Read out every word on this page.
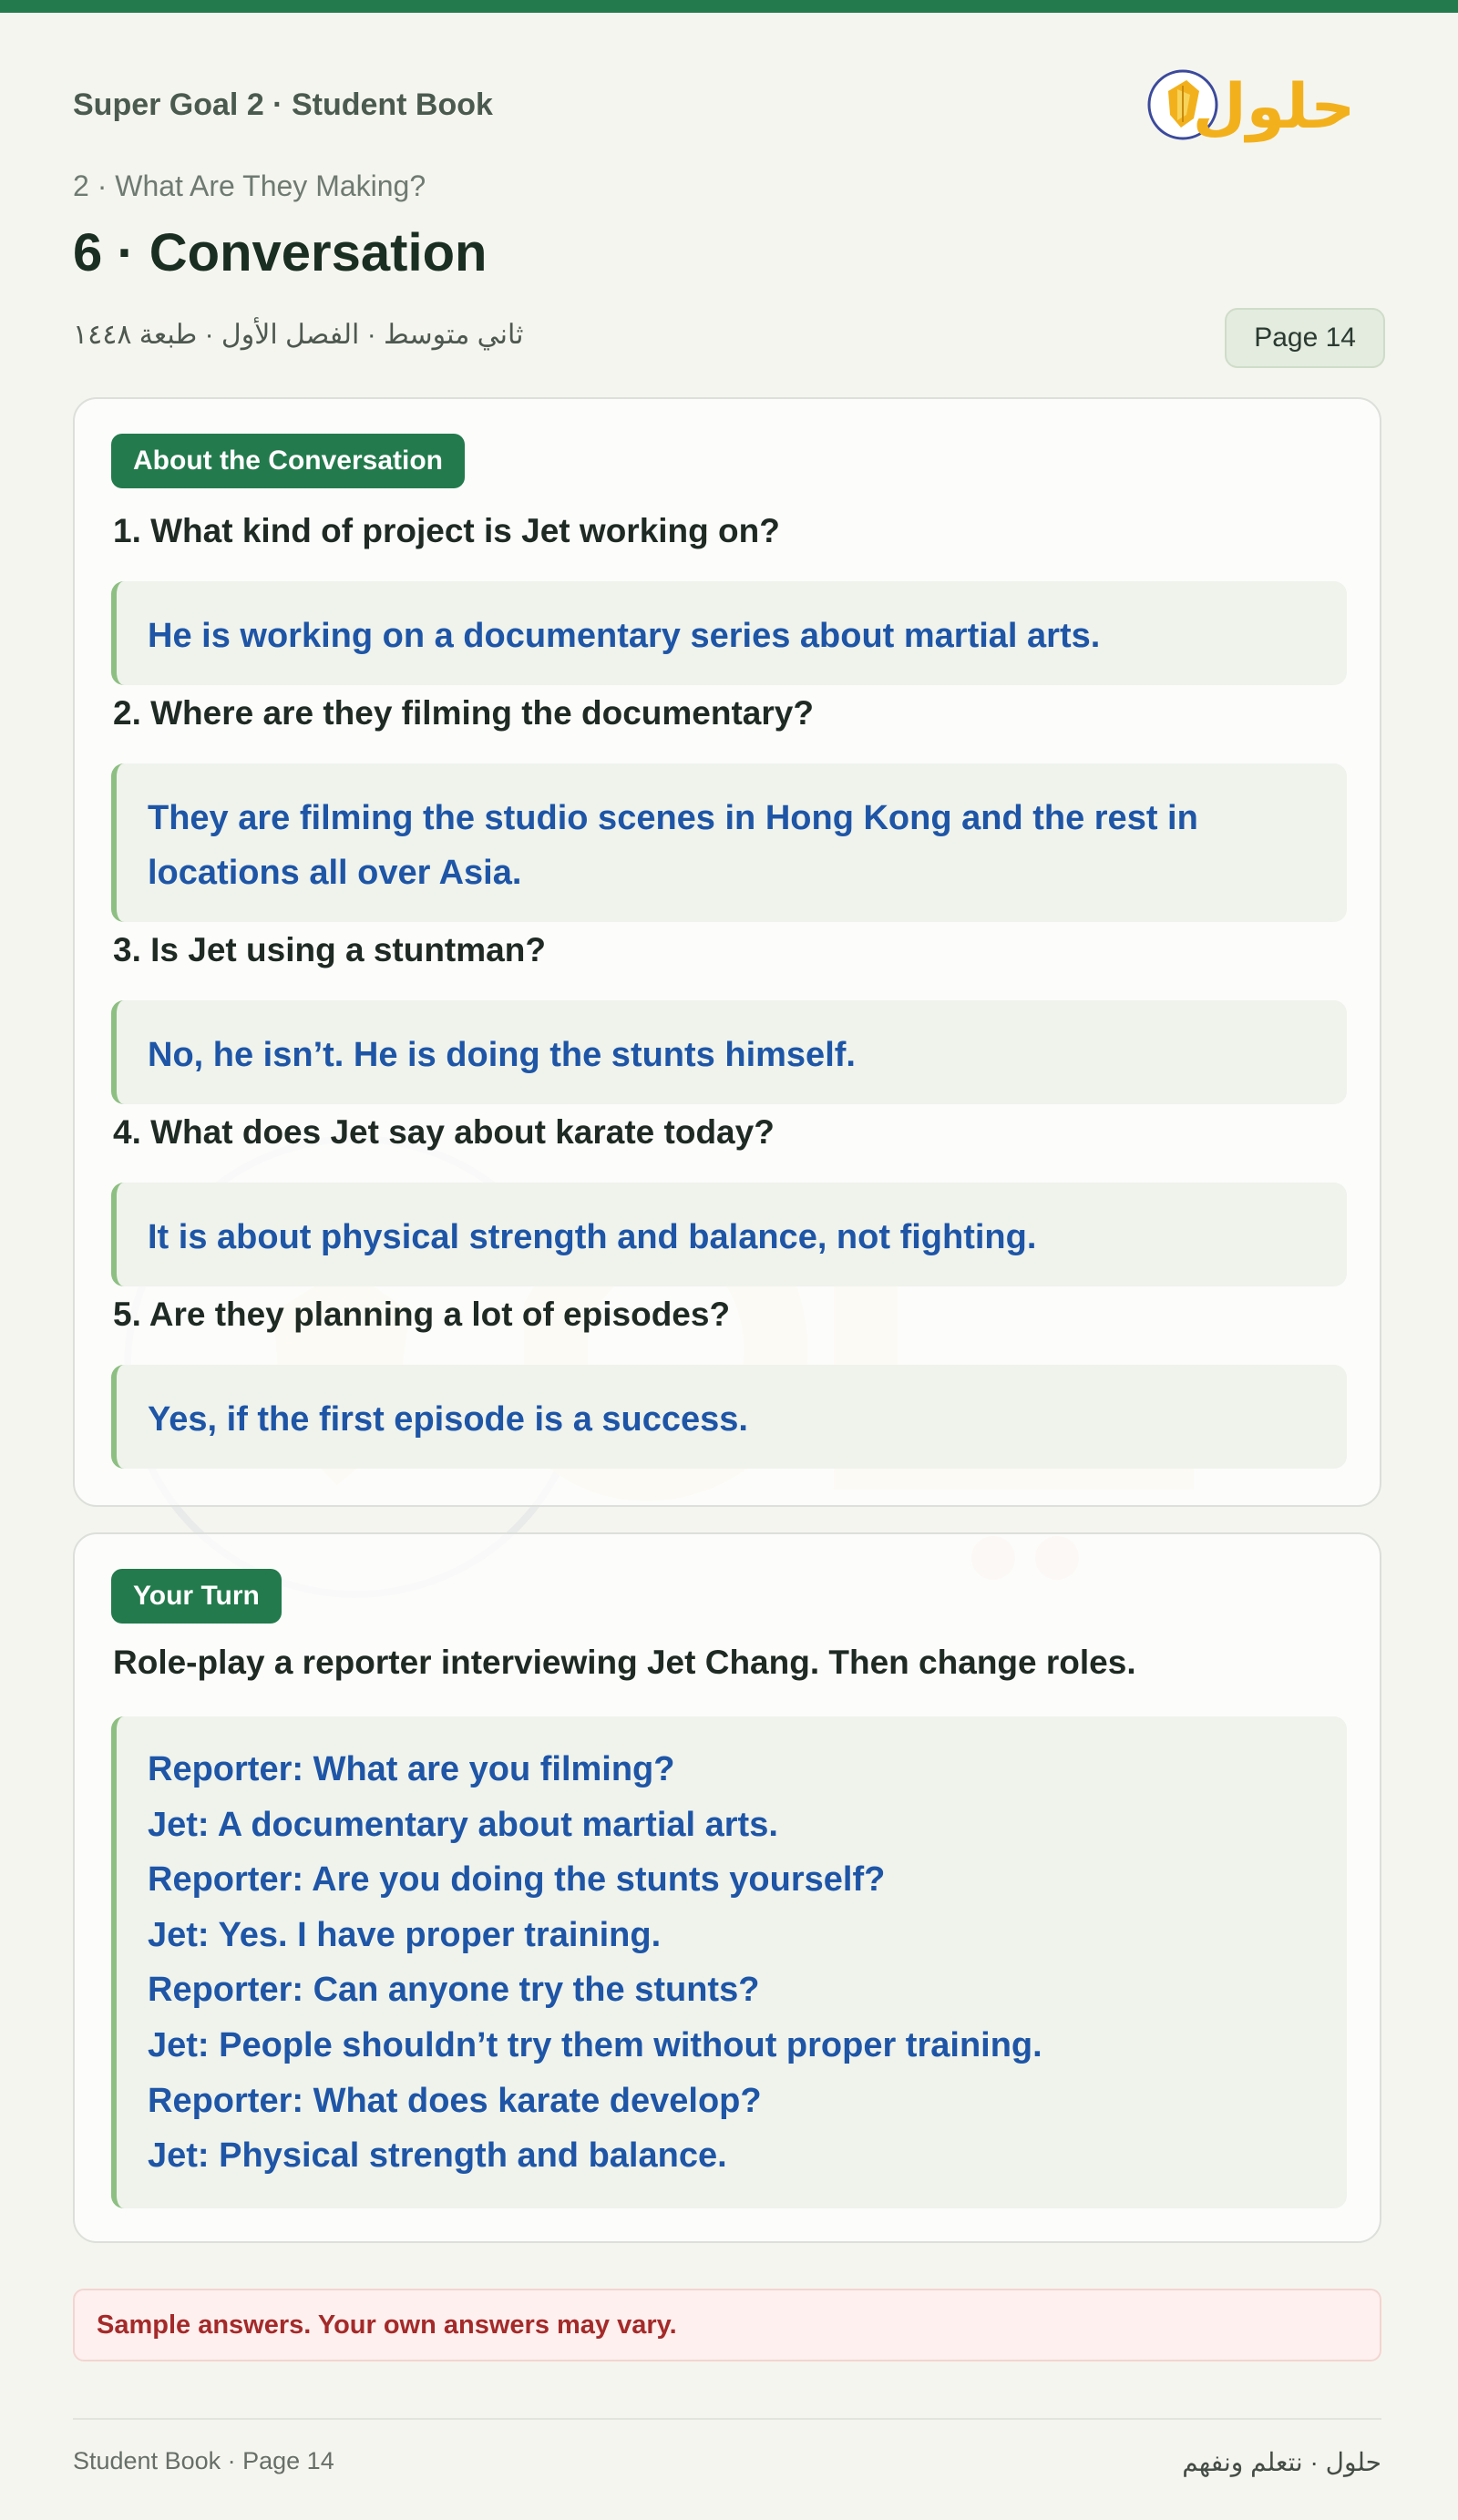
Super Goal 2 · Student Book	حلول
2 · What Are They Making?
6 · Conversation
ثاني متوسط · الفصل الأول · طبعة ١٤٤٨	Page 14
About the Conversation
1. What kind of project is Jet working on?
He is working on a documentary series about martial arts.
2. Where are they filming the documentary?
They are filming the studio scenes in Hong Kong and the rest in locations all over Asia.
3. Is Jet using a stuntman?
No, he isn’t. He is doing the stunts himself.
4. What does Jet say about karate today?
It is about physical strength and balance, not fighting.
5. Are they planning a lot of episodes?
Yes, if the first episode is a success.
Your Turn
Role-play a reporter interviewing Jet Chang. Then change roles.
Reporter: What are you filming?
Jet: A documentary about martial arts.
Reporter: Are you doing the stunts yourself?
Jet: Yes. I have proper training.
Reporter: Can anyone try the stunts?
Jet: People shouldn’t try them without proper training.
Reporter: What does karate develop?
Jet: Physical strength and balance.
Sample answers. Your own answers may vary.
Student Book · Page 14	حلول · نتعلم ونفهم
